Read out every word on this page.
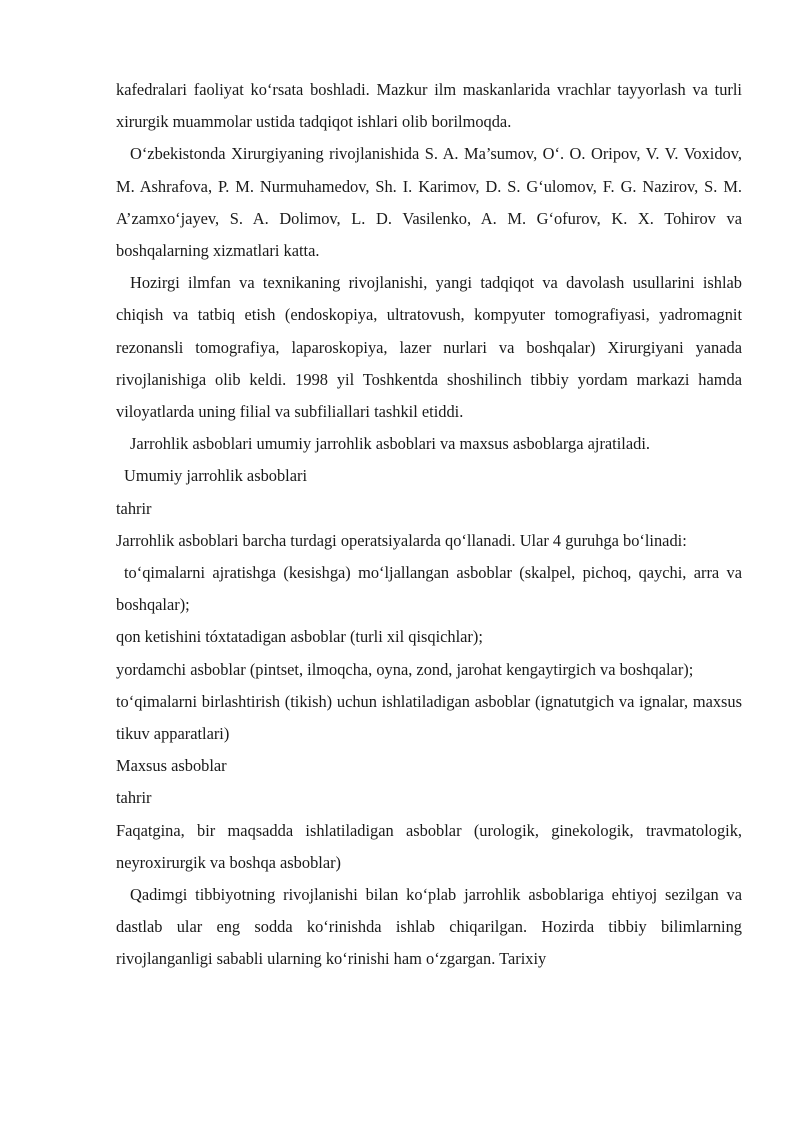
kafedralari faoliyat ko‘rsata boshladi. Mazkur ilm maskanlarida vrachlar tayyorlash va turli xirurgik muammolar ustida tadqiqot ishlari olib borilmoqda.

O‘zbekistonda Xirurgiyaning rivojlanishida S. A. Ma’sumov, O‘. O. Oripov, V. V. Voxidov, M. Ashrafova, P. M. Nurmuhamedov, Sh. I. Karimov, D. S. G‘ulomov, F. G. Nazirov, S. M. A’zamxo‘jayev, S. A. Dolimov, L. D. Vasilenko, A. M. G‘ofurov, K. X. Tohirov va boshqalarning xizmatlari katta.

Hozirgi ilmfan va texnikaning rivojlanishi, yangi tadqiqot va davolash usullarini ishlab chiqish va tatbiq etish (endoskopiya, ultratovush, kompyuter tomografiyasi, yadromagnit rezonansli tomografiya, laparoskopiya, lazer nurlari va boshqalar) Xirurgiyani yanada rivojlanishiga olib keldi. 1998 yil Toshkentda shoshilinch tibbiy yordam markazi hamda viloyatlarda uning filial va subfiliallari tashkil etiddi.

Jarrohlik asboblari umumiy jarrohlik asboblari va maxsus asboblarga ajratiladi.

Umumiy jarrohlik asboblari

tahrir

Jarrohlik asboblari barcha turdagi operatsiyalarda qo‘llanadi. Ular 4 guruhga bo‘linadi:

to‘qimalarni ajratishga (kesishga) mo‘ljallangan asboblar (skalpel, pichoq, qaychi, arra va boshqalar);

qon ketishini tóxtatadigan asboblar (turli xil qisqichlar);

yordamchi asboblar (pintset, ilmoqcha, oyna, zond, jarohat kengaytirgich va boshqalar);

to‘qimalarni birlashtirish (tikish) uchun ishlatiladigan asboblar (ignatutgich va ignalar, maxsus tikuv apparatlari)

Maxsus asboblar

tahrir

Faqatgina, bir maqsadda ishlatiladigan asboblar (urologik, ginekologik, travmatologik, neyroxirurgik va boshqa asboblar)

Qadimgi tibbiyotning rivojlanishi bilan ko‘plab jarrohlik asboblariga ehtiyoj sezilgan va dastlab ular eng sodda ko‘rinishda ishlab chiqarilgan. Hozirda tibbiy bilimlarning rivojlanganligi sababli ularning ko‘rinishi ham o‘zgargan. Tarixiy
